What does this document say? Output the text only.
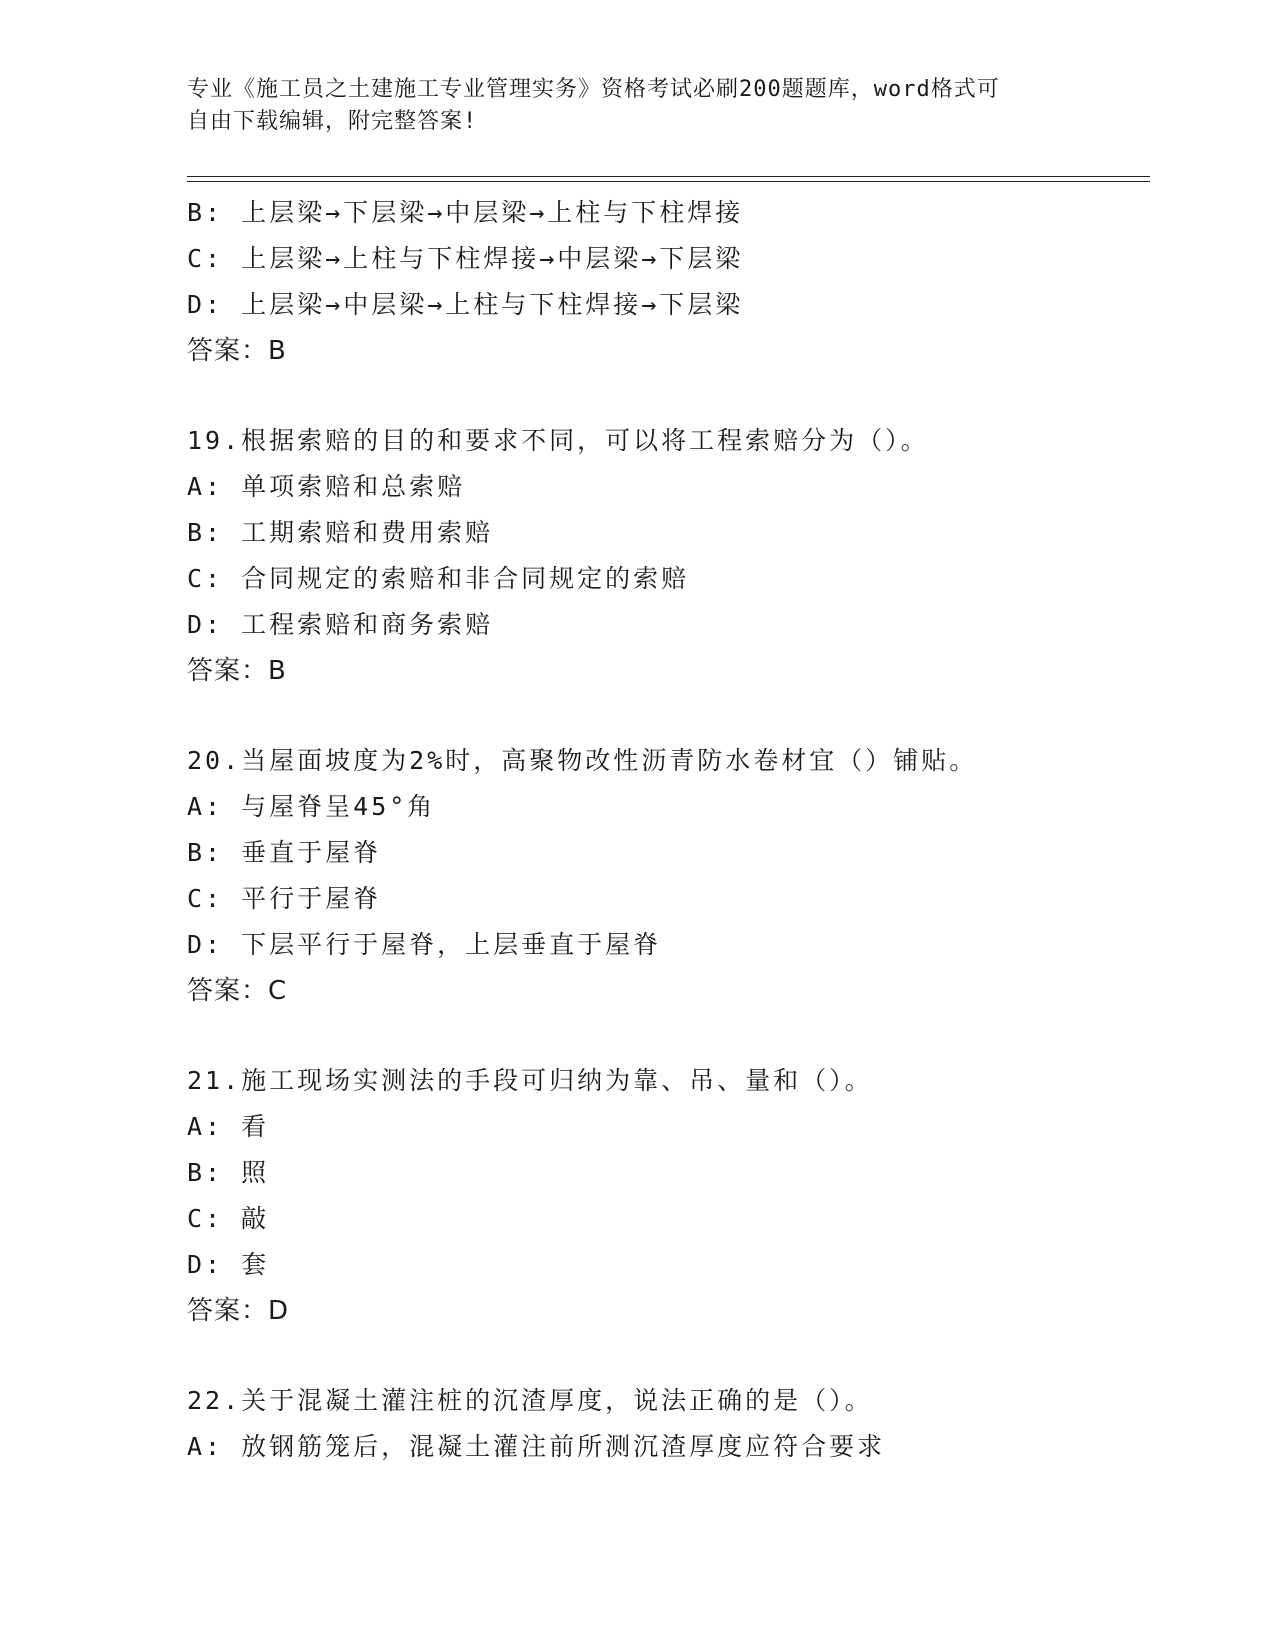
专业《施工员之土建施工专业管理实务》资格考试必刷200题题库，word格式可
自由下载编辑，附完整答案!
B: 上层梁→下层梁→中层梁→上柱与下柱焊接
C: 上层梁→上柱与下柱焊接→中层梁→下层梁
D: 上层梁→中层梁→上柱与下柱焊接→下层梁
答案：B
19.根据索赔的目的和要求不同，可以将工程索赔分为（）。
A: 单项索赔和总索赔
B: 工期索赔和费用索赔
C: 合同规定的索赔和非合同规定的索赔
D: 工程索赔和商务索赔
答案：B
20.当屋面坡度为2%时，高聚物改性沥青防水卷材宜（）铺贴。
A: 与屋脊呈45°角
B: 垂直于屋脊
C: 平行于屋脊
D: 下层平行于屋脊，上层垂直于屋脊
答案：C
21.施工现场实测法的手段可归纳为靠、吊、量和（）。
A: 看
B: 照
C: 敲
D: 套
答案：D
22.关于混凝土灌注桩的沉渣厚度，说法正确的是（）。
A: 放钢筋笼后，混凝土灌注前所测沉渣厚度应符合要求
